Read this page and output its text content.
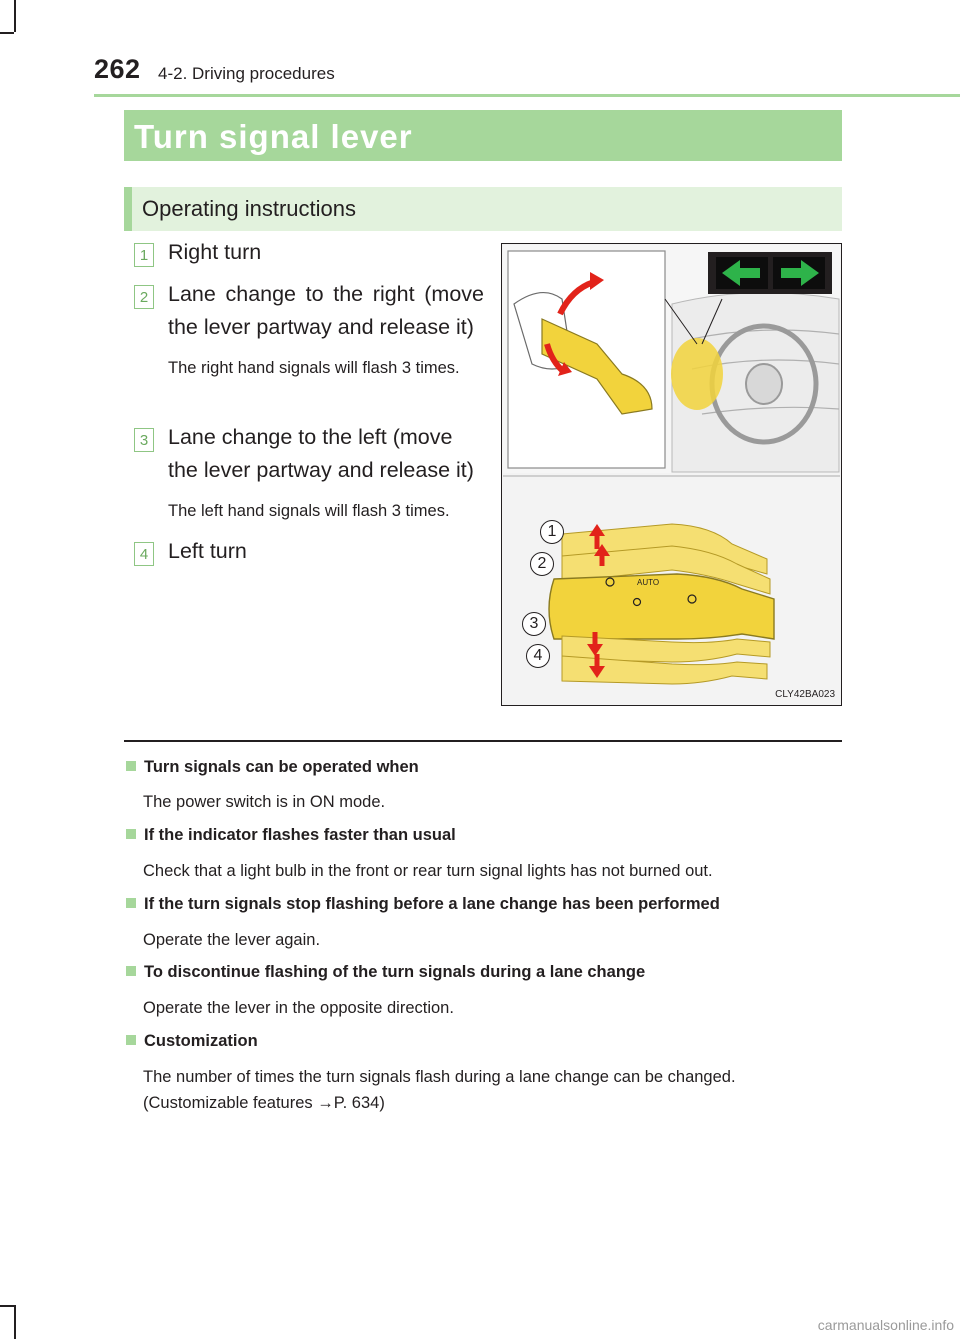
262 4-2. Driving procedures
Turn signal lever
Operating instructions
1 Right turn
2 Lane change to the right (move the lever partway and release it)
The right hand signals will flash 3 times.
3 Lane change to the left (move the lever partway and release it)
The left hand signals will flash 3 times.
4 Left turn
AUTO
1
2
3
4
CLY42BA023
Turn signals can be operated when
The power switch is in ON mode.
If the indicator flashes faster than usual
Check that a light bulb in the front or rear turn signal lights has not burned out.
If the turn signals stop flashing before a lane change has been performed
Operate the lever again.
To discontinue flashing of the turn signals during a lane change
Operate the lever in the opposite direction.
Customization
The number of times the turn signals flash during a lane change can be changed.
(Customizable features →P. 634)
carmanualsonline.info
